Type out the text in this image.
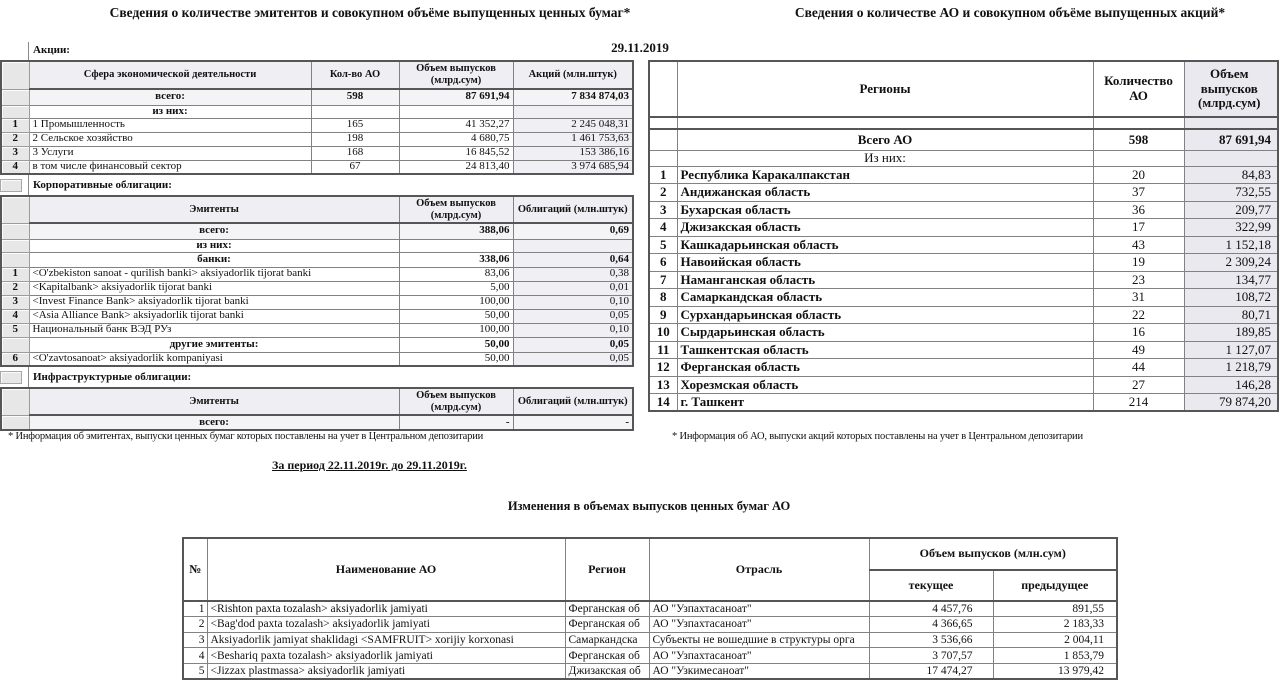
Сведения о количестве эмитентов и совокупном объёме выпущенных ценных бумаг*	Сведения о количестве АО и совокупном объёме выпущенных акций*
29.11.2019
Акции:
	Сфера экономической деятельности	Кол-во АО	Объем выпусков (млрд.сум)	Акций (млн.штук)
	всего:	598	87 691,94	7 834 874,03
	из них:			
1	1 Промышленность	165	41 352,27	2 245 048,31
2	2 Сельское хозяйство	198	4 680,75	1 461 753,63
3	3 Услуги	168	16 845,52	153 386,16
4	в том числе финансовый сектор	67	24 813,40	3 974 685,94
Корпоративные облигации:
	Эмитенты	Объем выпусков (млрд.сум)	Облигаций (млн.штук)
	всего:	388,06	0,69
	из них:		
	банки:	338,06	0,64
1	<O'zbekiston sanoat - qurilish banki> aksiyadorlik tijorat banki	83,06	0,38
2	<Kapitalbank> aksiyadorlik tijorat banki	5,00	0,01
3	<Invest Finance Bank> aksiyadorlik tijorat banki	100,00	0,10
4	<Asia Alliance Bank> aksiyadorlik tijorat banki	50,00	0,05
5	Национальный банк ВЭД РУз	100,00	0,10
	другие эмитенты:	50,00	0,05
6	<O'zavtosanoat> aksiyadorlik kompaniyasi	50,00	0,05
Инфраструктурные облигации:
	Эмитенты	Объем выпусков (млрд.сум)	Облигаций (млн.штук)
	всего:	-	-
	Регионы	Количество АО	Объем выпусков (млрд.сум)

	Всего АО	598	87 691,94
	Из них:		
1	Республика Каракалпакстан	20	84,83
2	Андижанская область	37	732,55
3	Бухарская область	36	209,77
4	Джизакская область	17	322,99
5	Кашкадарьинская область	43	1 152,18
6	Навоийская область	19	2 309,24
7	Наманганская область	23	134,77
8	Самаркандская область	31	108,72
9	Сурхандарьинская область	22	80,71
10	Сырдарьинская область	16	189,85
11	Ташкентская область	49	1 127,07
12	Ферганская область	44	1 218,79
13	Хорезмская область	27	146,28
14	г. Ташкент	214	79 874,20
* Информация об эмитентах, выпуски ценных бумаг которых поставлены на учет в Центральном депозитарии	* Информация об АО, выпуски акций которых поставлены на учет в Центральном депозитарии
За период 22.11.2019г. до 29.11.2019г.
Изменения в объемах выпусков ценных бумаг АО
№	Наименование АО	Регион	Отрасль	Объем выпусков (млн.сум)	
				текущее	предыдущее
1	<Rishton paxta tozalash> aksiyadorlik jamiyati	Ферганская об	АО "Узпахтасаноат"	4 457,76	891,55
2	<Bag'dod paxta tozalash> aksiyadorlik jamiyati	Ферганская об	АО "Узпахтасаноат"	4 366,65	2 183,33
3	Aksiyadorlik jamiyat shaklidagi <SAMFRUIT> xorijiy korxonasi	Самаркандска	Субъекты не вошедшие в структуры орга	3 536,66	2 004,11
4	<Beshariq paxta tozalash> aksiyadorlik jamiyati	Ферганская об	АО "Узпахтасаноат"	3 707,57	1 853,79
5	<Jizzax plastmassa> aksiyadorlik jamiyati	Джизакская об	АО "Узкимесаноат"	17 474,27	13 979,42
